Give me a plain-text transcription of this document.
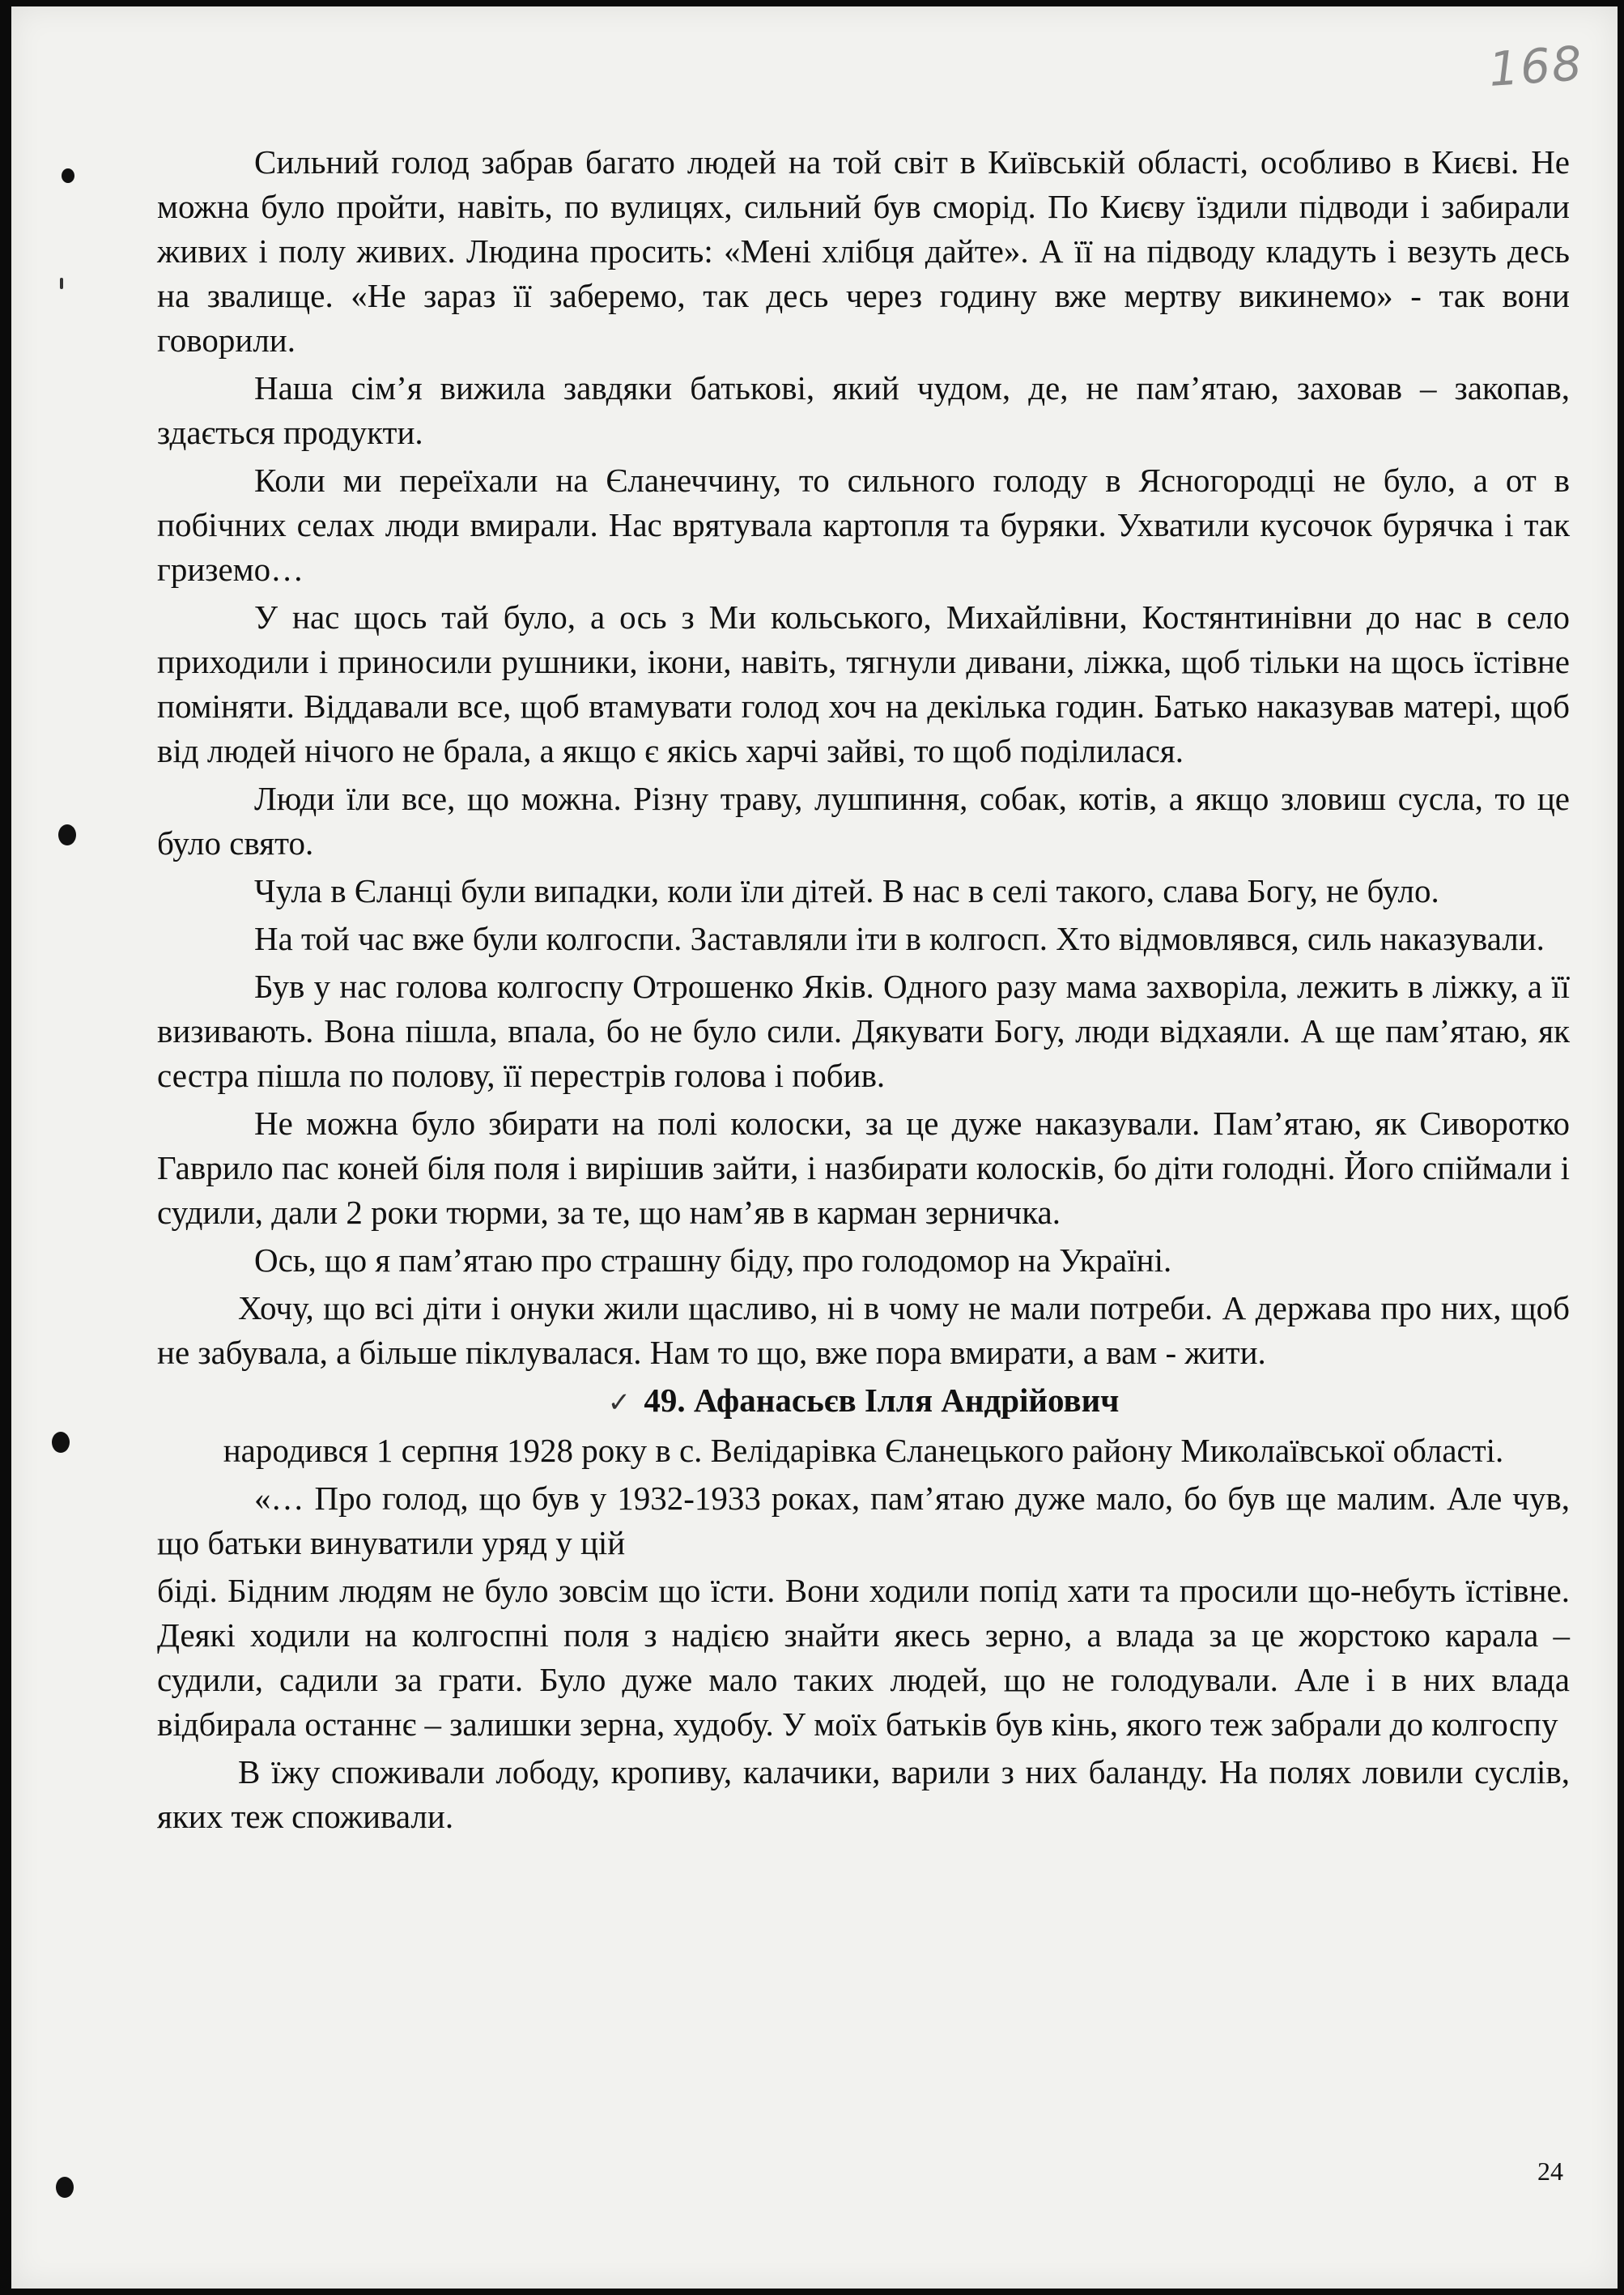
168

Сильний голод забрав багато людей на той світ в Київській області, особливо в Києві. Не можна було пройти, навіть, по вулицях, сильний був сморід. По Києву їздили підводи і забирали живих і полу живих. Людина просить: «Мені хлібця дайте». А її на підводу кладуть і везуть десь на звалище. «Не зараз її заберемо, так десь через годину вже мертву викинемо» - так вони говорили.

Наша сім’я вижила завдяки батькові, який чудом, де, не пам’ятаю, заховав – закопав, здається продукти.

Коли ми переїхали на Єланеччину, то сильного голоду в Ясногородці не було, а от в побічних селах люди вмирали. Нас врятувала картопля та буряки. Ухватили кусочок бурячка і так гриземо…

У нас щось тай було, а ось з Ми кольського, Михайлівни, Костянтинівни до нас в село приходили і приносили рушники, ікони, навіть, тягнули дивани, ліжка, щоб тільки на щось їстівне поміняти. Віддавали все, щоб втамувати голод хоч на декілька годин. Батько наказував матері, щоб від людей нічого не брала, а якщо є якісь харчі зайві, то щоб поділилася.

Люди їли все, що можна. Різну траву, лушпиння, собак, котів, а якщо зловиш сусла, то це було свято.

Чула в Єланці були випадки, коли їли дітей. В нас в селі такого, слава Богу, не було.

На той час вже були колгоспи. Заставляли іти в колгосп. Хто відмовлявся, силь наказували.

Був у нас голова колгоспу Отрошенко Яків. Одного разу мама захворіла, лежить в ліжку, а її визивають. Вона пішла, впала, бо не було сили. Дякувати Богу, люди відхаяли. А ще пам’ятаю, як сестра пішла по полову, її перестрів голова і побив.

Не можна було збирати на полі колоски, за це дуже наказували. Пам’ятаю, як Сиворотко Гаврило пас коней біля поля і вирішив зайти, і назбирати колосків, бо діти голодні. Його спіймали і судили, дали 2 роки тюрми, за те, що нам’яв в карман зерничка.

Ось, що я пам’ятаю про страшну біду, про голодомор на Україні.

Хочу, що всі діти і онуки жили щасливо, ні в чому не мали потреби. А держава про них, щоб не забувала, а більше піклувалася. Нам то що, вже пора вмирати, а вам - жити.

✓ 49. Афанасьєв Ілля Андрійович

народився 1 серпня 1928 року в с. Велідарівка Єланецького району Миколаївської області.

«… Про голод, що був у 1932-1933 роках, пам’ятаю дуже мало, бо був ще малим. Але чув, що батьки винуватили уряд у цій

біді. Бідним людям не було зовсім що їсти. Вони ходили попід хати та просили що-небуть їстівне. Деякі ходили на колгоспні поля з надією знайти якесь зерно, а влада за це жорстоко карала – судили, садили за грати. Було дуже мало таких людей, що не голодували. Але і в них влада відбирала останнє – залишки зерна, худобу. У моїх батьків був кінь, якого теж забрали до колгоспу

В їжу споживали лободу, кропиву, калачики, варили з них баланду. На полях ловили суслів, яких теж споживали.

24
